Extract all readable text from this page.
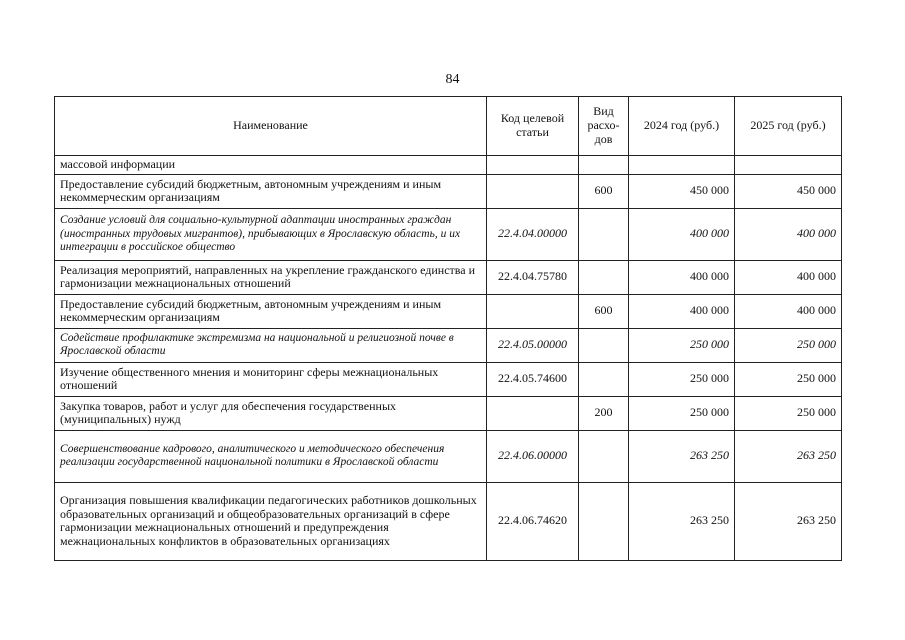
84
Наименование	Код целевой статьи	Вид расхо-дов	2024 год (руб.)	2025 год (руб.)
массовой информации				
Предоставление субсидий бюджетным, автономным учреждениям и иным некоммерческим организациям		600	450 000	450 000
Создание условий для социально-культурной адаптации иностранных граждан (иностранных трудовых мигрантов), прибывающих в Ярославскую область, и их интеграции в российское общество	22.4.04.00000		400 000	400 000
Реализация мероприятий, направленных на укрепление гражданского единства и гармонизации межнациональных отношений	22.4.04.75780		400 000	400 000
Предоставление субсидий бюджетным, автономным учреждениям и иным некоммерческим организациям		600	400 000	400 000
Содействие профилактике экстремизма на национальной и религиозной почве в Ярославской области	22.4.05.00000		250 000	250 000
Изучение общественного мнения и мониторинг сферы межнациональных отношений	22.4.05.74600		250 000	250 000
Закупка товаров, работ и услуг для обеспечения государственных (муниципальных) нужд		200	250 000	250 000
Совершенствование кадрового, аналитического и методического обеспечения реализации государственной национальной политики в Ярославской области	22.4.06.00000		263 250	263 250
Организация повышения квалификации педагогических работников дошкольных образовательных организаций и общеобразовательных организаций в сфере гармонизации межнациональных отношений и предупреждения межнациональных конфликтов в образовательных организациях	22.4.06.74620		263 250	263 250
